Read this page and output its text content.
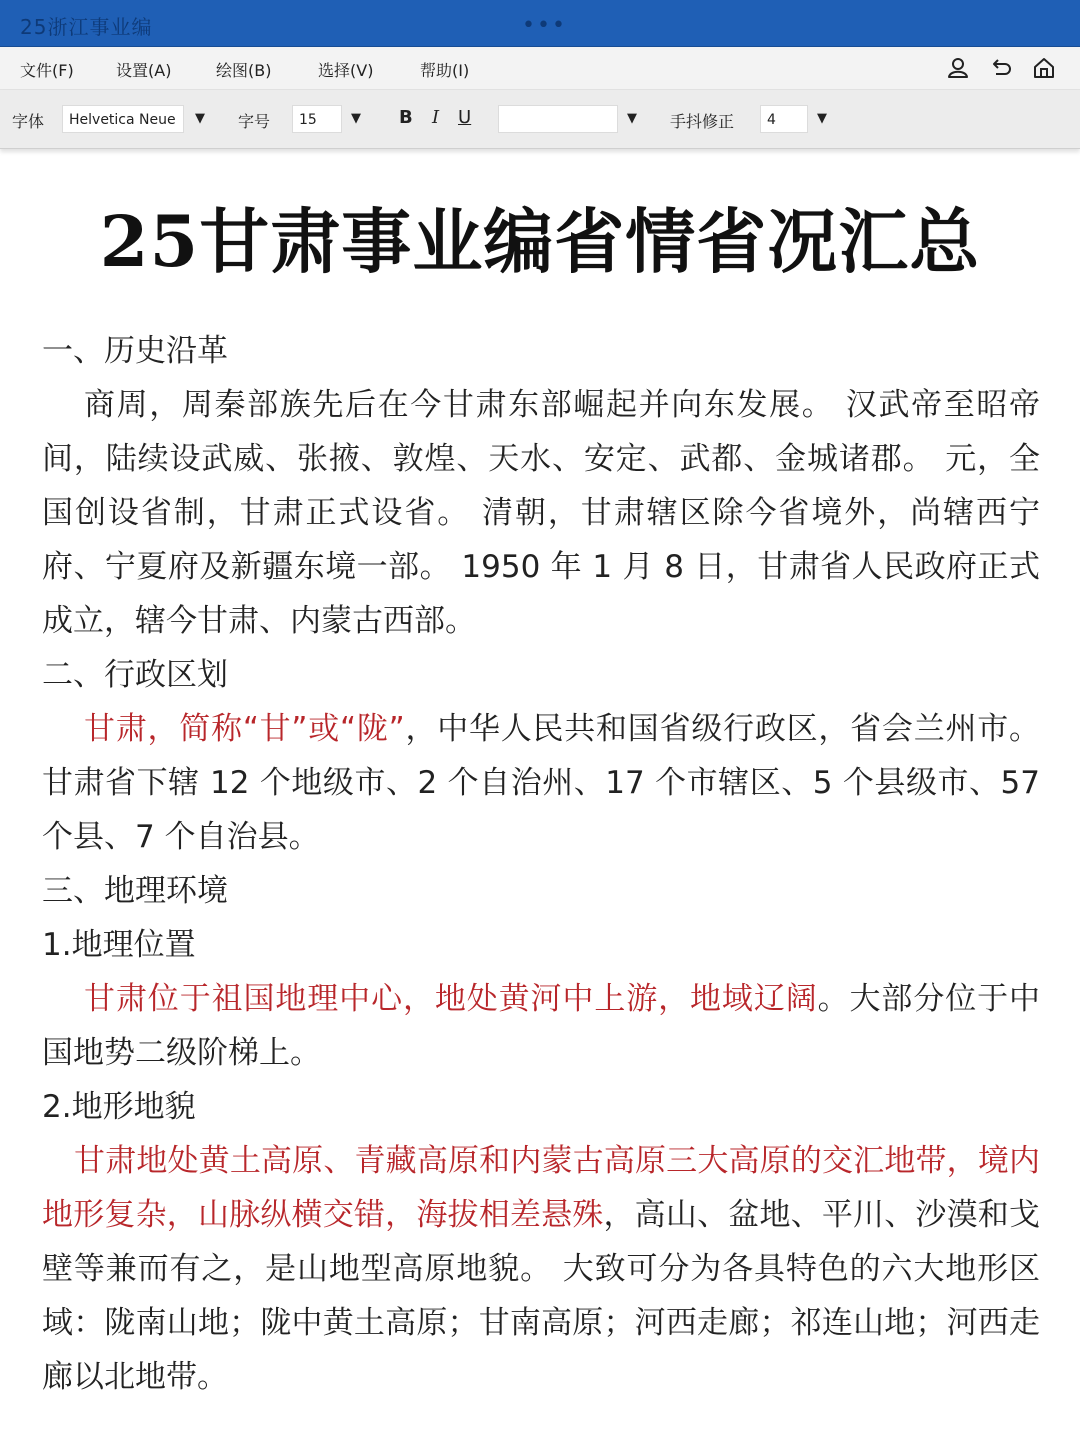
25浙江事业编	•••
文件(F)	设置(A)	绘图(B)	选择(V)	帮助(I)
字体	Helvetica Neue	▼	字号	15	▼	B I U	▼	手抖修正	4	▼
25甘肃事业编省情省况汇总

一、历史沿革

商周，周秦部族先后在今甘肃东部崛起并向东发展。 汉武帝至昭帝间，陆续设武威、张掖、敦煌、天水、安定、武都、金城诸郡。 元，全国创设省制，甘肃正式设省。 清朝，甘肃辖区除今省境外，尚辖西宁府、宁夏府及新疆东境一部。 1950 年 1 月 8 日，甘肃省人民政府正式成立，辖今甘肃、内蒙古西部。

二、行政区划

甘肃，简称“甘”或“陇”，中华人民共和国省级行政区，省会兰州市。 甘肃省下辖 12 个地级市、2 个自治州、17 个市辖区、5 个县级市、57 个县、7 个自治县。

三、地理环境

1.地理位置

甘肃位于祖国地理中心，地处黄河中上游，地域辽阔。大部分位于中国地势二级阶梯上。

2.地形地貌

甘肃地处黄土高原、青藏高原和内蒙古高原三大高原的交汇地带，境内地形复杂，山脉纵横交错，海拔相差悬殊，高山、盆地、平川、沙漠和戈壁等兼而有之，是山地型高原地貌。 大致可分为各具特色的六大地形区域：陇南山地；陇中黄土高原；甘南高原；河西走廊；祁连山地；河西走廊以北地带。
